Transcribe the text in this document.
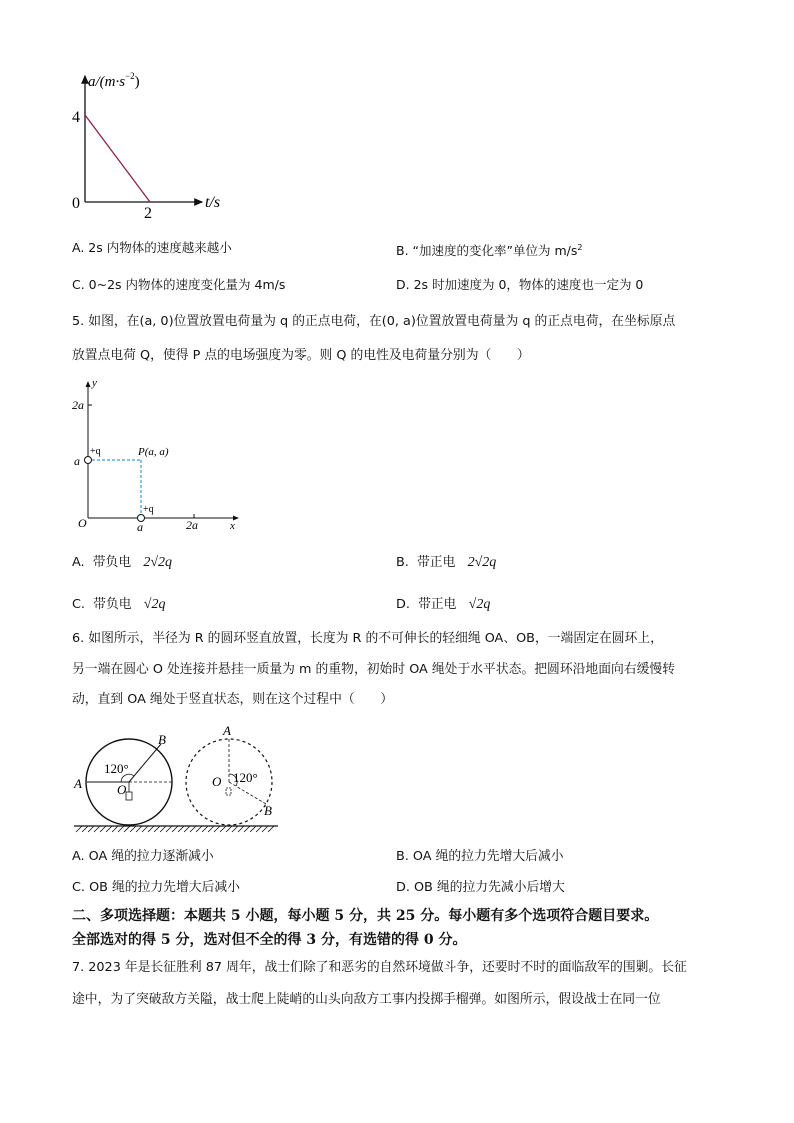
$a/(m\cdot s^{-2})$
4
0
2
t/s
A. 2s 内物体的速度越来越小	B. “加速度的变化率”单位为 $m/s^2$
C. 0~2s 内物体的速度变化量为 4m/s	D. 2s 时加速度为 0，物体的速度也一定为 0
5. 如图，在(a, 0)位置放置电荷量为 q 的正点电荷，在(0, a)位置放置电荷量为 q 的正点电荷，在坐标原点
放置点电荷 Q，使得 P 点的电场强度为零。则 Q 的电性及电荷量分别为（　　）
y
2a
a
+q	P(a, a)
+q
O	a	2a	x
A. 带负电 2√2q	B. 带正电 2√2q
C. 带负电 √2q	D. 带正电 √2q
6. 如图所示，半径为 R 的圆环竖直放置，长度为 R 的不可伸长的轻细绳 OA、OB，一端固定在圆环上，
另一端在圆心 O 处连接并悬挂一质量为 m 的重物，初始时 OA 绳处于水平状态。把圆环沿地面向右缓慢转
动，直到 OA 绳处于竖直状态，则在这个过程中（　　）
120°
A
B
O
A
O 120°
B
A. OA 绳的拉力逐渐减小	B. OA 绳的拉力先增大后减小
C. OB 绳的拉力先增大后减小	D. OB 绳的拉力先减小后增大
二、多项选择题：本题共 5 小题，每小题 5 分，共 25 分。每小题有多个选项符合题目要求。
全部选对的得 5 分，选对但不全的得 3 分，有选错的得 0 分。
7. 2023 年是长征胜利 87 周年，战士们除了和恶劣的自然环境做斗争，还要时不时的面临敌军的围剿。长征
途中，为了突破敌方关隘，战士爬上陡峭的山头向敌方工事内投掷手榴弹。如图所示，假设战士在同一位
